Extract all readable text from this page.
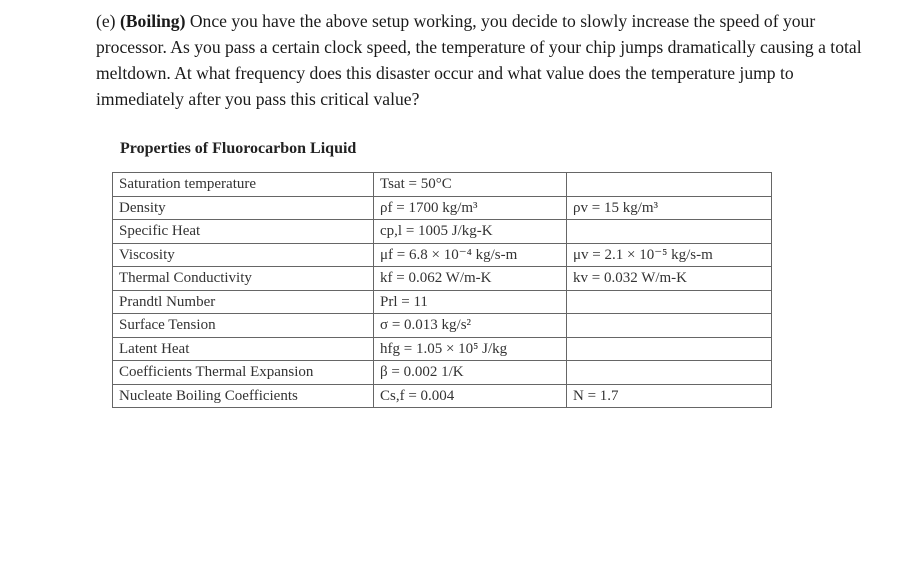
(e) (Boiling) Once you have the above setup working, you decide to slowly increase the speed of your processor. As you pass a certain clock speed, the temperature of your chip jumps dramatically causing a total meltdown. At what frequency does this disaster occur and what value does the temperature jump to immediately after you pass this critical value?
Properties of Fluorocarbon Liquid
Saturation temperature	Tsat = 50°C	
Density	ρf = 1700 kg/m³	ρv = 15 kg/m³
Specific Heat	cp,l = 1005 J/kg-K	
Viscosity	μf = 6.8 × 10⁻⁴ kg/s-m	μv = 2.1 × 10⁻⁵ kg/s-m
Thermal Conductivity	kf = 0.062 W/m-K	kv = 0.032 W/m-K
Prandtl Number	Prl = 11	
Surface Tension	σ = 0.013 kg/s²	
Latent Heat	hfg = 1.05 × 10⁵ J/kg	
Coefficients Thermal Expansion	β = 0.002 1/K	
Nucleate Boiling Coefficients	Cs,f = 0.004	N = 1.7
